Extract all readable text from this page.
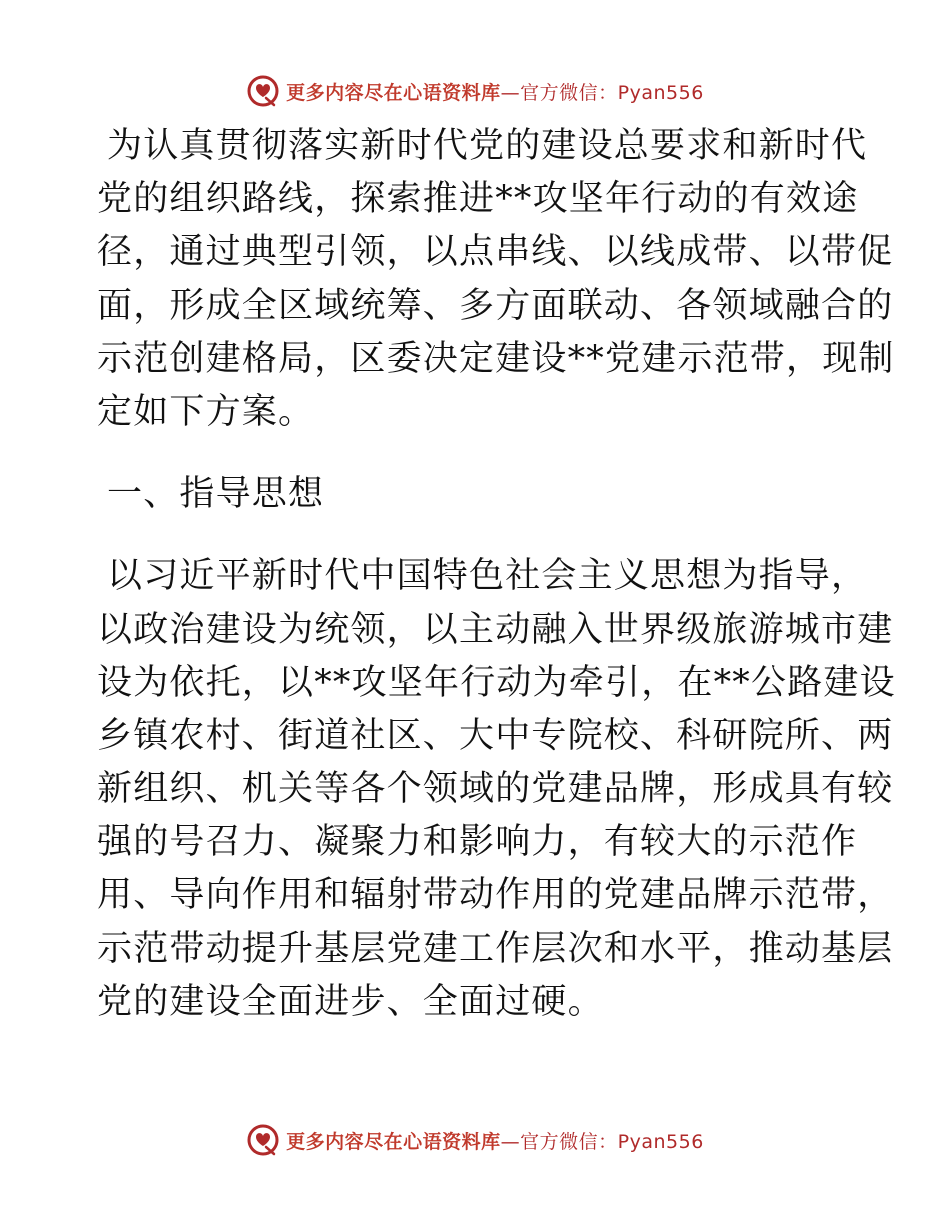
更多内容尽在心语资料库—官方微信：Pyan556
为认真贯彻落实新时代党的建设总要求和新时代
党的组织路线，探索推进**攻坚年行动的有效途
径，通过典型引领，以点串线、以线成带、以带促
面，形成全区域统筹、多方面联动、各领域融合的
示范创建格局，区委决定建设**党建示范带，现制
定如下方案。
一、指导思想
以习近平新时代中国特色社会主义思想为指导，
以政治建设为统领，以主动融入世界级旅游城市建
设为依托，以**攻坚年行动为牵引，在**公路建设
乡镇农村、街道社区、大中专院校、科研院所、两
新组织、机关等各个领域的党建品牌，形成具有较
强的号召力、凝聚力和影响力，有较大的示范作
用、导向作用和辐射带动作用的党建品牌示范带，
示范带动提升基层党建工作层次和水平，推动基层
党的建设全面进步、全面过硬。
更多内容尽在心语资料库—官方微信：Pyan556
